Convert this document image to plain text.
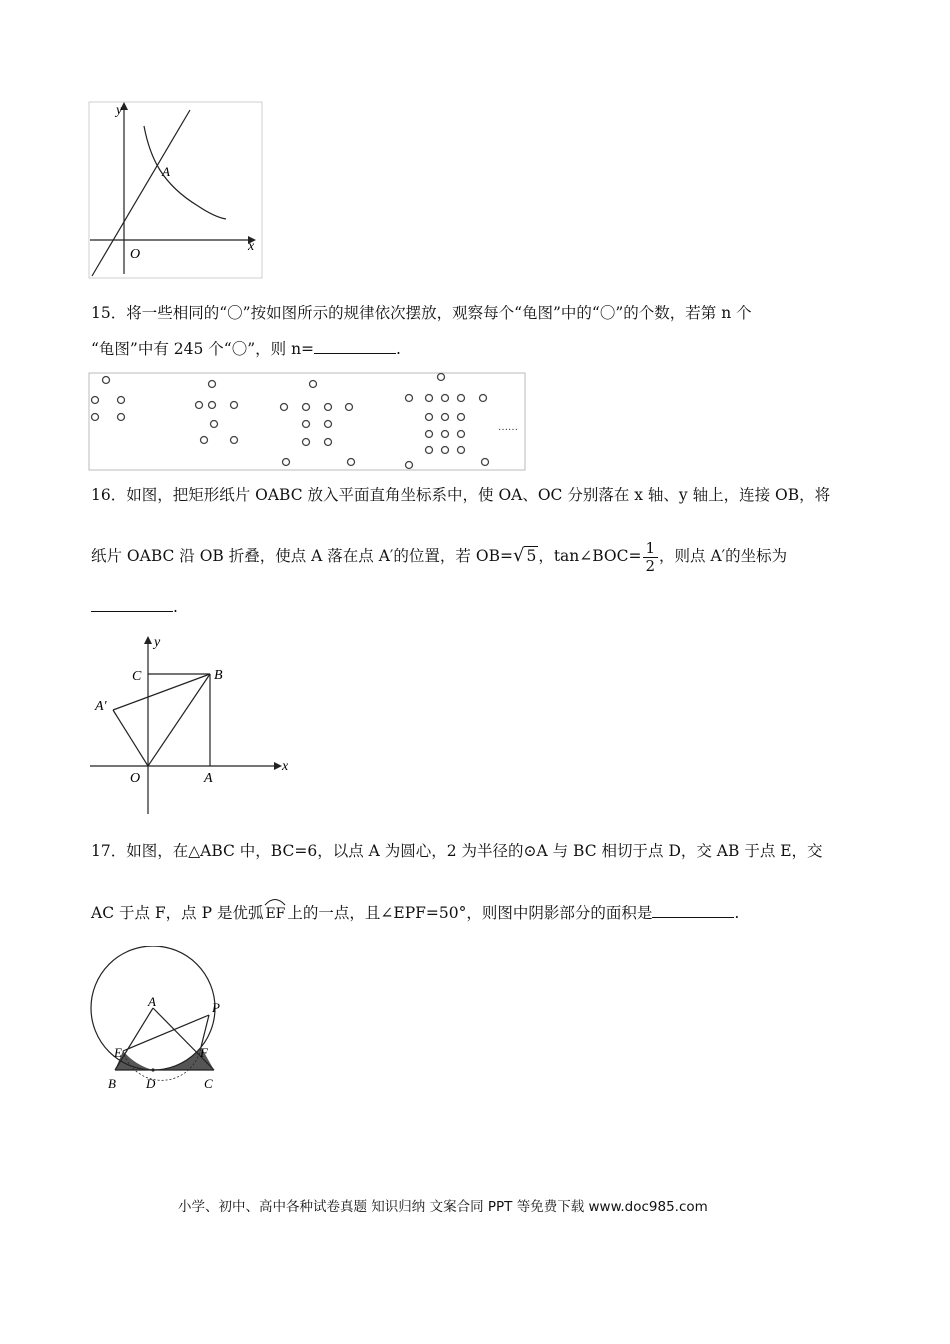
y
x
O
A
15．将一些相同的“〇”按如图所示的规律依次摆放，观察每个“龟图”中的“〇”的个数，若第 n 个
“龟图”中有 245 个“〇”，则 n=	.
……
16．如图，把矩形纸片 OABC 放入平面直角坐标系中，使 OA、OC 分别落在 x 轴、y 轴上，连接 OB，将
纸片 OABC 沿 OB 折叠，使点 A 落在点 A′的位置，若 OB=√ 5 ，tan∠BOC= $\frac{1}{2}$ ，则点 A′的坐标为
.
y
x
C	B
A′
O	A
17．如图，在△ABC 中，BC=6，以点 A 为圆心，2 为半径的⊙A 与 BC 相切于点 D，交 AB 于点 E，交
AC 于点 F，点 P 是优弧 EF 上的一点，且∠EPF=50°，则图中阴影部分的面积是	.
A	P
E	F
B D	C
小学、初中、高中各种试卷真题 知识归纳 文案合同 PPT 等免费下载 www.doc985.com
